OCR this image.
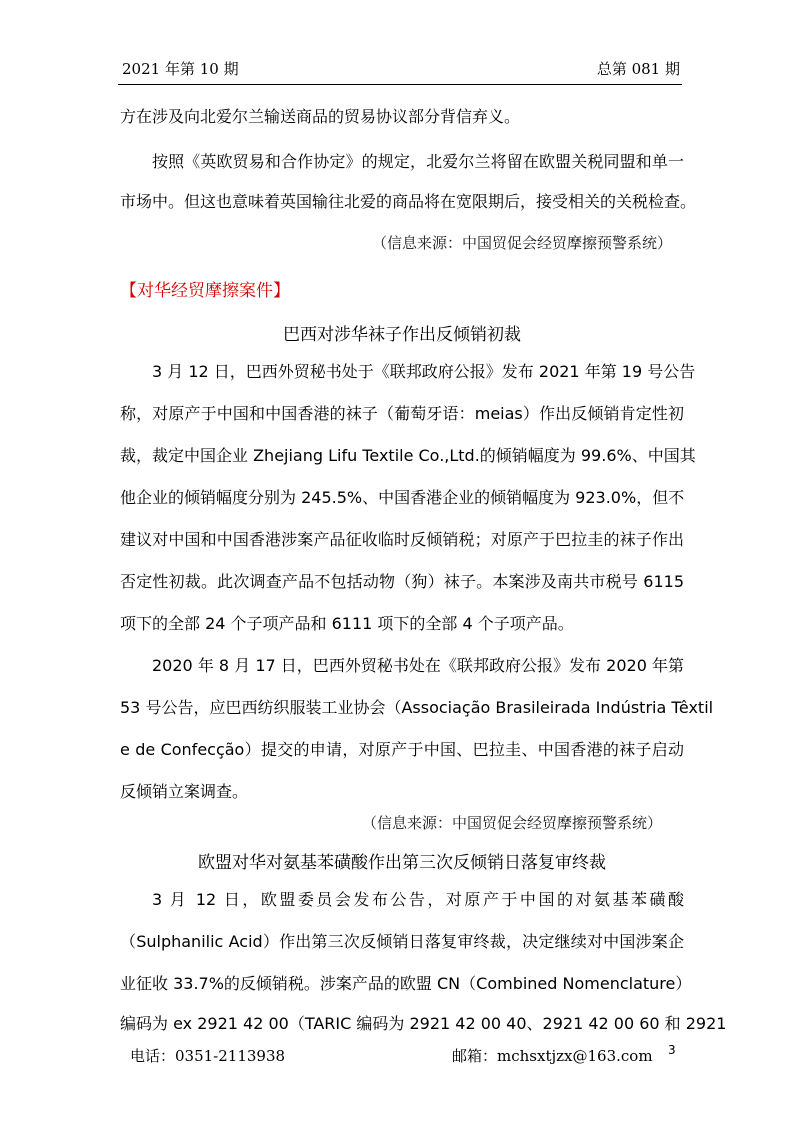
2021 年第 10 期	总第 081 期
方在涉及向北爱尔兰输送商品的贸易协议部分背信弃义。
按照《英欧贸易和合作协定》的规定，北爱尔兰将留在欧盟关税同盟和单一
市场中。但这也意味着英国输往北爱的商品将在宽限期后，接受相关的关税检查。
（信息来源：中国贸促会经贸摩擦预警系统）
【对华经贸摩擦案件】
巴西对涉华袜子作出反倾销初裁
3 月 12 日，巴西外贸秘书处于《联邦政府公报》发布 2021 年第 19 号公告
称，对原产于中国和中国香港的袜子（葡萄牙语：meias）作出反倾销肯定性初
裁，裁定中国企业 Zhejiang Lifu Textile Co.,Ltd.的倾销幅度为 99.6%、中国其
他企业的倾销幅度分别为 245.5%、中国香港企业的倾销幅度为 923.0%，但不
建议对中国和中国香港涉案产品征收临时反倾销税；对原产于巴拉圭的袜子作出
否定性初裁。此次调查产品不包括动物（狗）袜子。本案涉及南共市税号 6115
项下的全部 24 个子项产品和 6111 项下的全部 4 个子项产品。
2020 年 8 月 17 日，巴西外贸秘书处在《联邦政府公报》发布 2020 年第
53 号公告，应巴西纺织服装工业协会（Associação Brasileirada Indústria Têxtil
e de Confecção）提交的申请，对原产于中国、巴拉圭、中国香港的袜子启动
反倾销立案调查。
（信息来源：中国贸促会经贸摩擦预警系统）
欧盟对华对氨基苯磺酸作出第三次反倾销日落复审终裁
3 月 12 日，欧盟委员会发布公告，对原产于中国的对氨基苯磺酸
（Sulphanilic Acid）作出第三次反倾销日落复审终裁，决定继续对中国涉案企
业征收 33.7%的反倾销税。涉案产品的欧盟 CN（Combined Nomenclature）
编码为 ex 2921 42 00（TARIC 编码为 2921 42 00 40、2921 42 00 60 和 2921
电话：0351-2113938	邮箱：mchsxtjzx@163.com 3
